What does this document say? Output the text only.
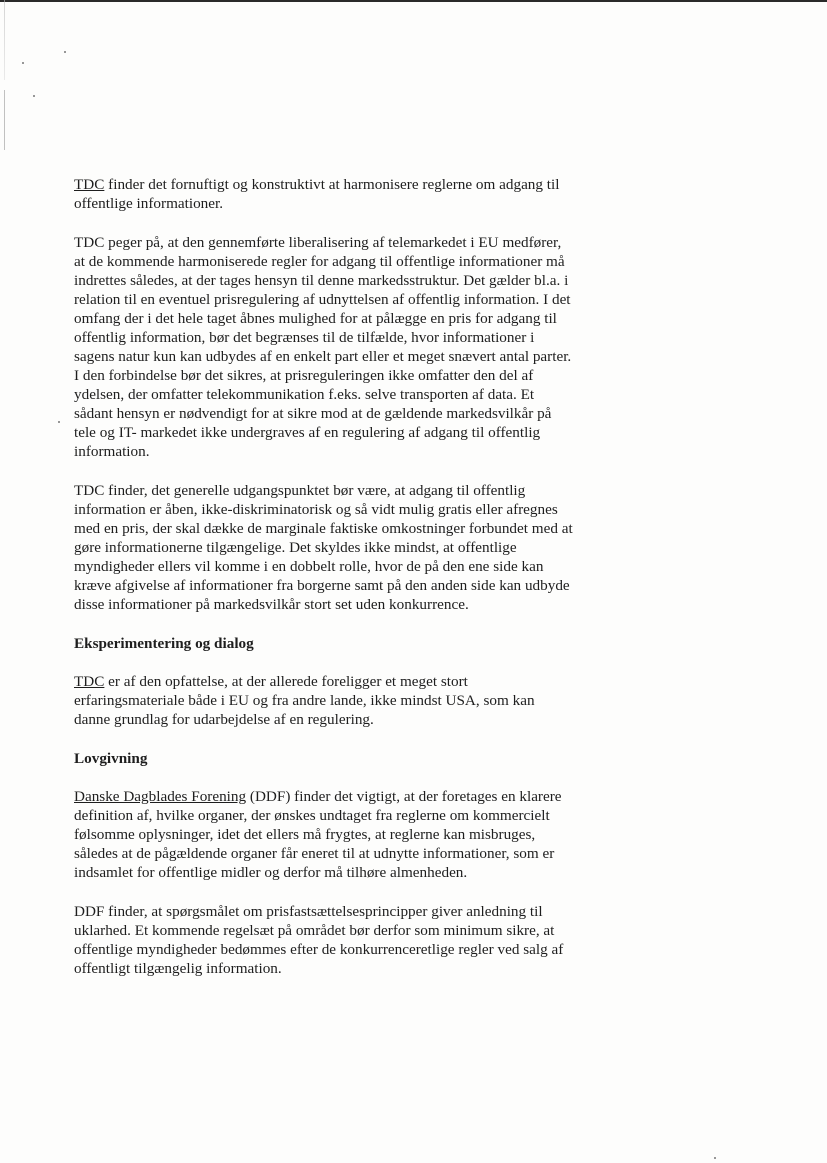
TDC finder det fornuftigt og konstruktivt at harmonisere reglerne om adgang til offentlige informationer.

TDC peger på, at den gennemførte liberalisering af telemarkedet i EU medfører, at de kommende harmoniserede regler for adgang til offentlige informationer må indrettes således, at der tages hensyn til denne markedsstruktur. Det gælder bl.a. i relation til en eventuel prisregulering af udnyttelsen af offentlig information. I det omfang der i det hele taget åbnes mulighed for at pålægge en pris for adgang til offentlig information, bør det begrænses til de tilfælde, hvor informationer i sagens natur kun kan udbydes af en enkelt part eller et meget snævert antal parter. I den forbindelse bør det sikres, at prisreguleringen ikke omfatter den del af ydelsen, der omfatter telekommunikation f.eks. selve transporten af data. Et sådant hensyn er nødvendigt for at sikre mod at de gældende markedsvilkår på tele og IT- markedet ikke undergraves af en regulering af adgang til offentlig information.

TDC finder, det generelle udgangspunktet bør være, at adgang til offentlig information er åben, ikke-diskriminatorisk og så vidt mulig gratis eller afregnes med en pris, der skal dække de marginale faktiske omkostninger forbundet med at gøre informationerne tilgængelige. Det skyldes ikke mindst, at offentlige myndigheder ellers vil komme i en dobbelt rolle, hvor de på den ene side kan kræve afgivelse af informationer fra borgerne samt på den anden side kan udbyde disse informationer på markedsvilkår stort set uden konkurrence.

Eksperimentering og dialog

TDC er af den opfattelse, at der allerede foreligger et meget stort erfaringsmateriale både i EU og fra andre lande, ikke mindst USA, som kan danne grundlag for udarbejdelse af en regulering.

Lovgivning

Danske Dagblades Forening (DDF) finder det vigtigt, at der foretages en klarere definition af, hvilke organer, der ønskes undtaget fra reglerne om kommercielt følsomme oplysninger, idet det ellers må frygtes, at reglerne kan misbruges, således at de pågældende organer får eneret til at udnytte informationer, som er indsamlet for offentlige midler og derfor må tilhøre almenheden.

DDF finder, at spørgsmålet om prisfastsættelsesprincipper giver anledning til uklarhed. Et kommende regelsæt på området bør derfor som minimum sikre, at offentlige myndigheder bedømmes efter de konkurrenceretlige regler ved salg af offentligt tilgængelig information.
